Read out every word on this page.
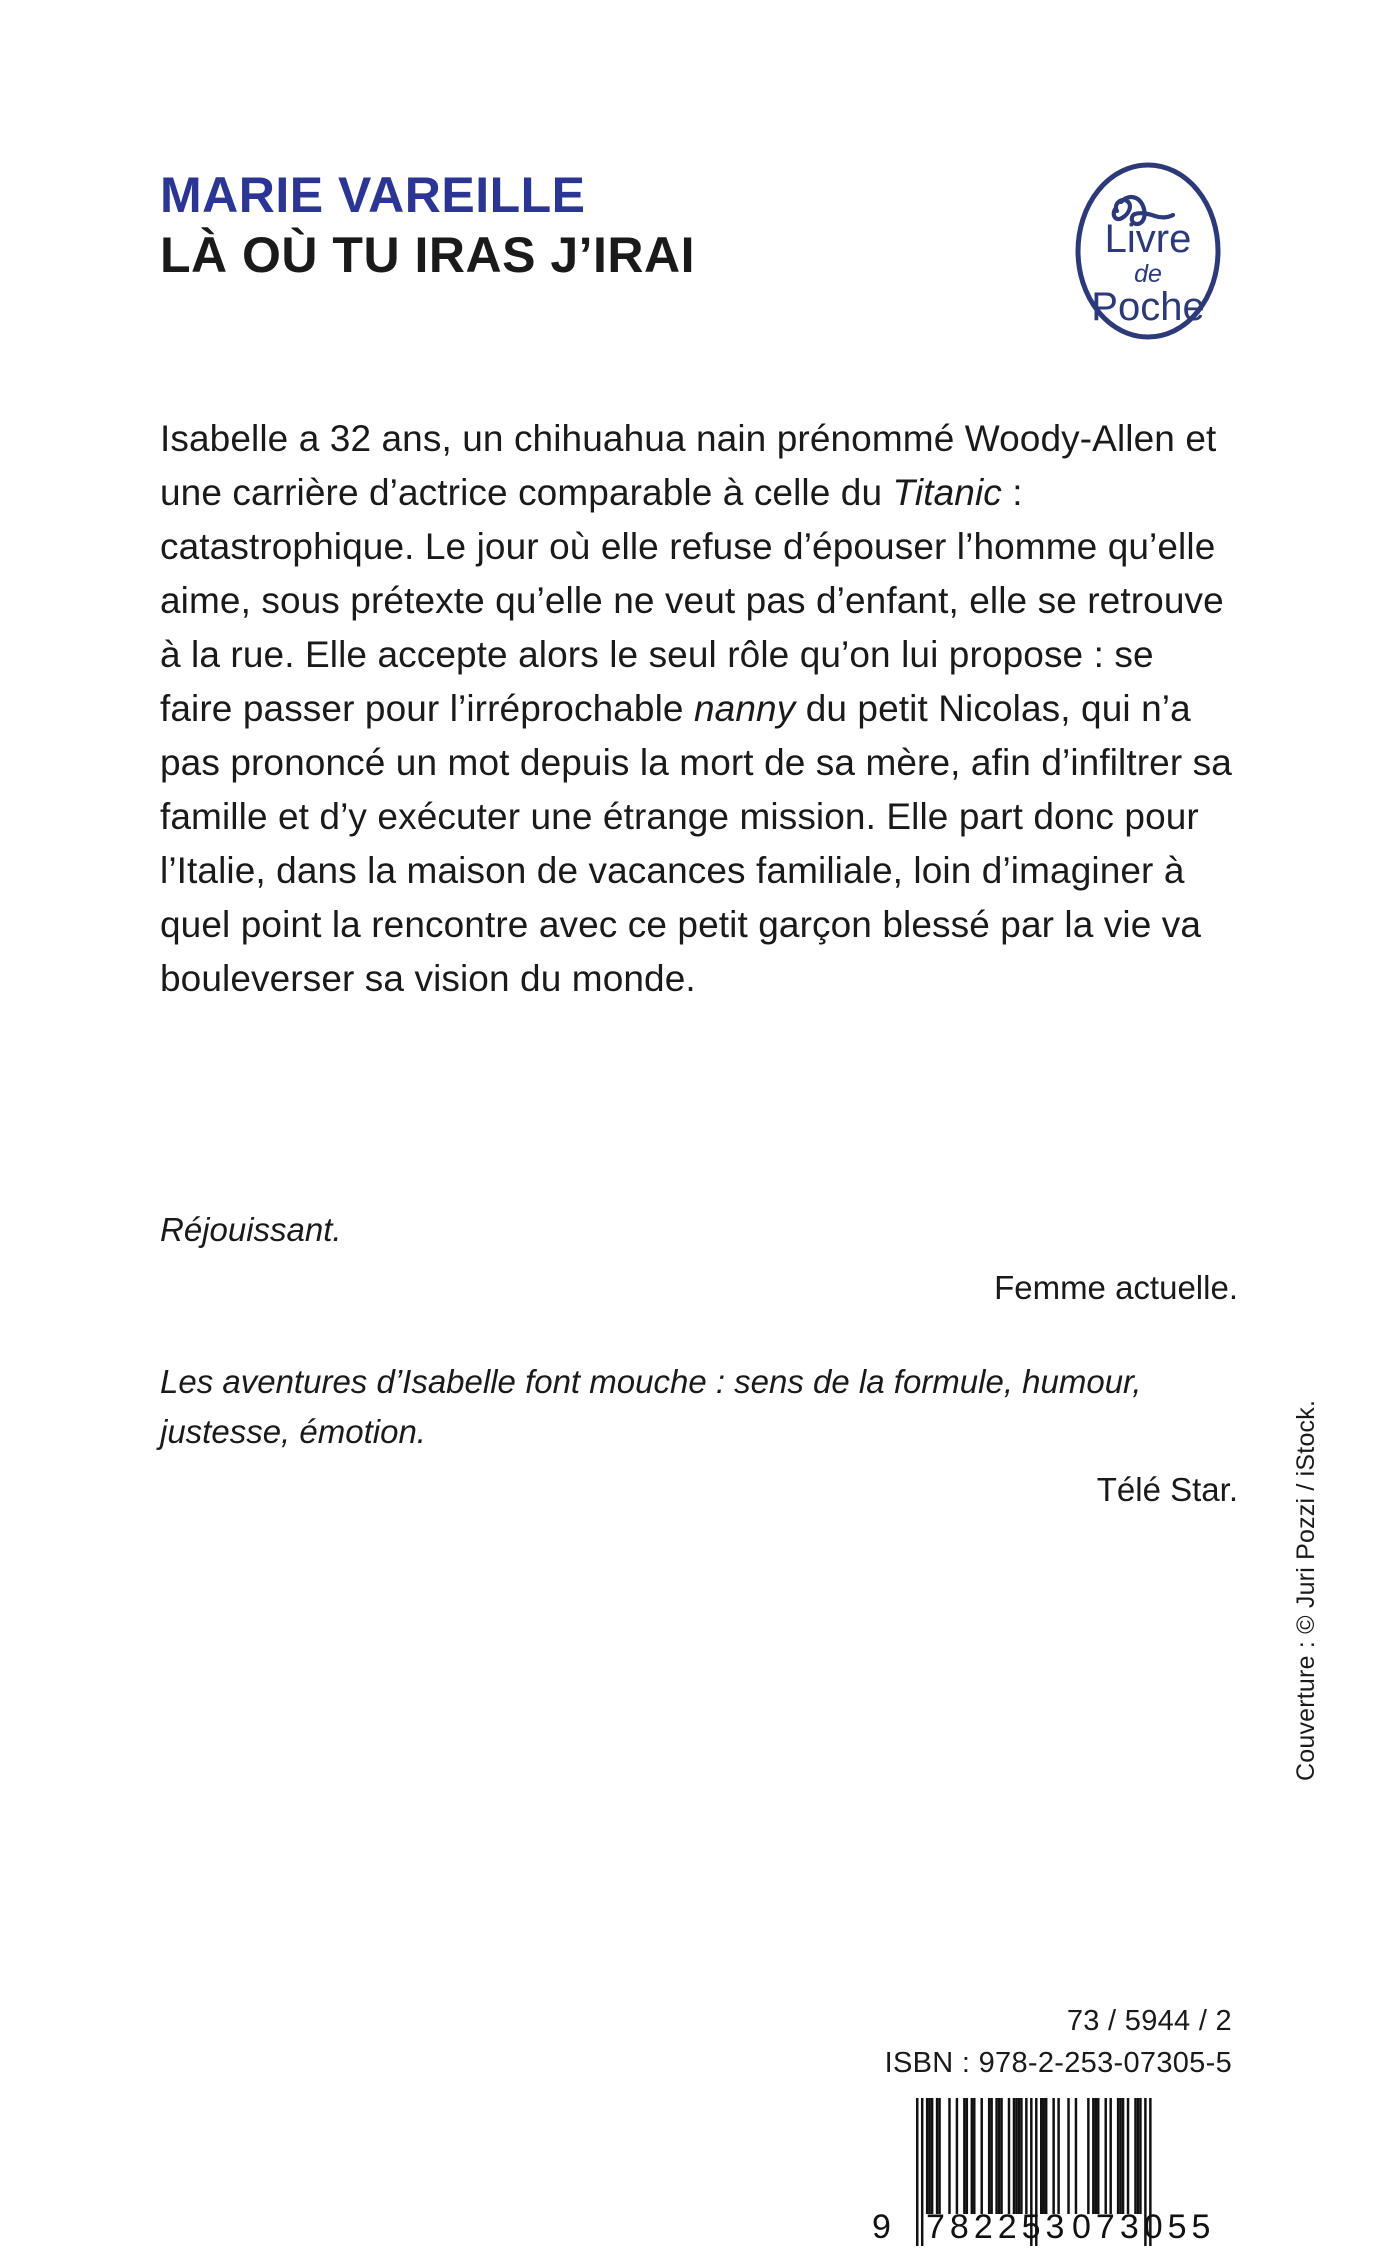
MARIE VAREILLE
LÀ OÙ TU IRAS J’IRAI	Livre
de
Poche

Isabelle a 32 ans, un chihuahua nain prénommé Woody-Allen et une carrière d’actrice comparable à celle du Titanic : catastrophique. Le jour où elle refuse d’épouser l’homme qu’elle aime, sous prétexte qu’elle ne veut pas d’enfant, elle se retrouve à la rue. Elle accepte alors le seul rôle qu’on lui propose : se faire passer pour l’irréprochable nanny du petit Nicolas, qui n’a pas prononcé un mot depuis la mort de sa mère, afin d’infiltrer sa famille et d’y exécuter une étrange mission. Elle part donc pour l’Italie, dans la maison de vacances familiale, loin d’imaginer à quel point la rencontre avec ce petit garçon blessé par la vie va bouleverser sa vision du monde.

Réjouissant.
Femme actuelle.
Les aventures d’Isabelle font mouche : sens de la formule, humour, justesse, émotion.
Télé Star. Couverture : © Juri Pozzi / iStock.
73 / 5944 / 2
ISBN : 978-2-253-07305-5
9 782253 073055
